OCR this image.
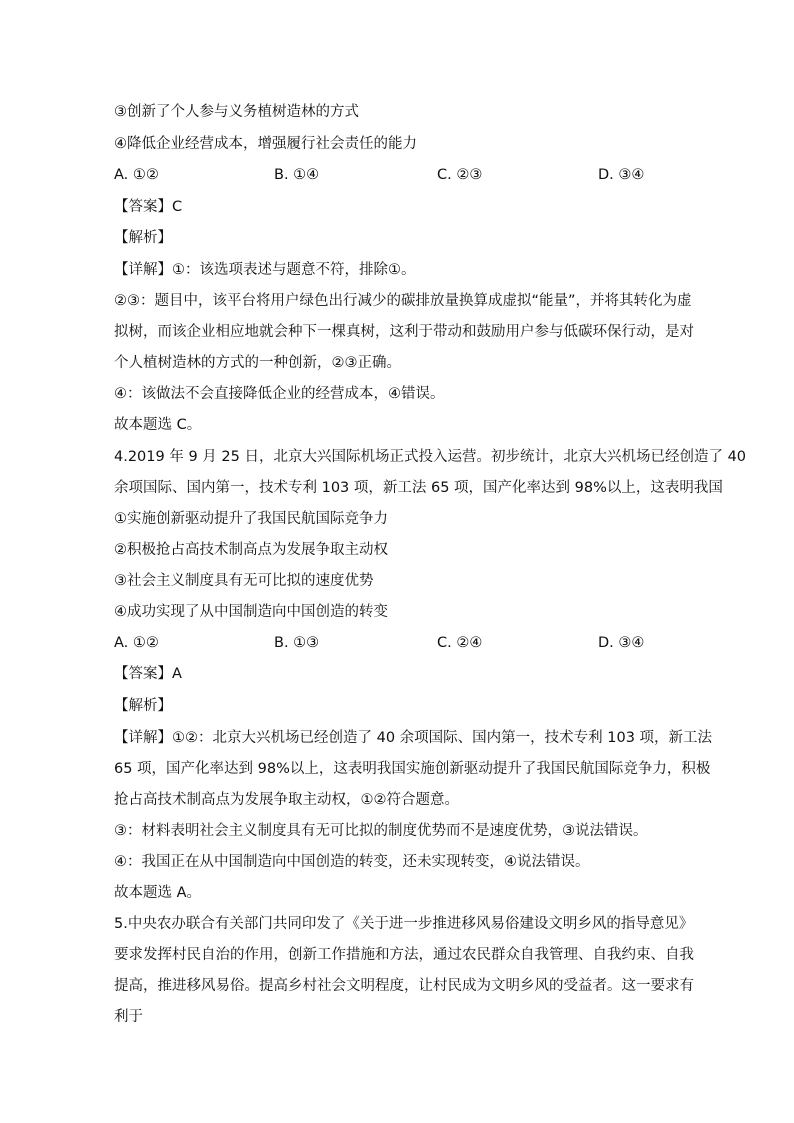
③创新了个人参与义务植树造林的方式

④降低企业经营成本，增强履行社会责任的能力

A. ①②	B. ①④	C. ②③	D. ③④

【答案】C

【解析】

【详解】①：该选项表述与题意不符，排除①。

②③：题目中，该平台将用户绿色出行减少的碳排放量换算成虚拟“能量”，并将其转化为虚

拟树，而该企业相应地就会种下一棵真树，这利于带动和鼓励用户参与低碳环保行动，是对

个人植树造林的方式的一种创新，②③正确。

④：该做法不会直接降低企业的经营成本，④错误。

故本题选 C。

4.2019 年 9 月 25 日，北京大兴国际机场正式投入运营。初步统计，北京大兴机场已经创造了 40

余项国际、国内第一，技术专利 103 项，新工法 65 项，国产化率达到 98%以上，这表明我国

①实施创新驱动提升了我国民航国际竞争力

②积极抢占高技术制高点为发展争取主动权

③社会主义制度具有无可比拟的速度优势

④成功实现了从中国制造向中国创造的转变

A. ①②	B. ①③	C. ②④	D. ③④

【答案】A

【解析】

【详解】①②：北京大兴机场已经创造了 40 余项国际、国内第一，技术专利 103 项，新工法

65 项，国产化率达到 98%以上，这表明我国实施创新驱动提升了我国民航国际竞争力，积极

抢占高技术制高点为发展争取主动权，①②符合题意。

③：材料表明社会主义制度具有无可比拟的制度优势而不是速度优势，③说法错误。

④：我国正在从中国制造向中国创造的转变，还未实现转变，④说法错误。

故本题选 A。

5.中央农办联合有关部门共同印发了《关于进一步推进移风易俗建设文明乡风的指导意见》

要求发挥村民自治的作用，创新工作措施和方法，通过农民群众自我管理、自我约束、自我

提高，推进移风易俗。提高乡村社会文明程度，让村民成为文明乡风的受益者。这一要求有

利于
